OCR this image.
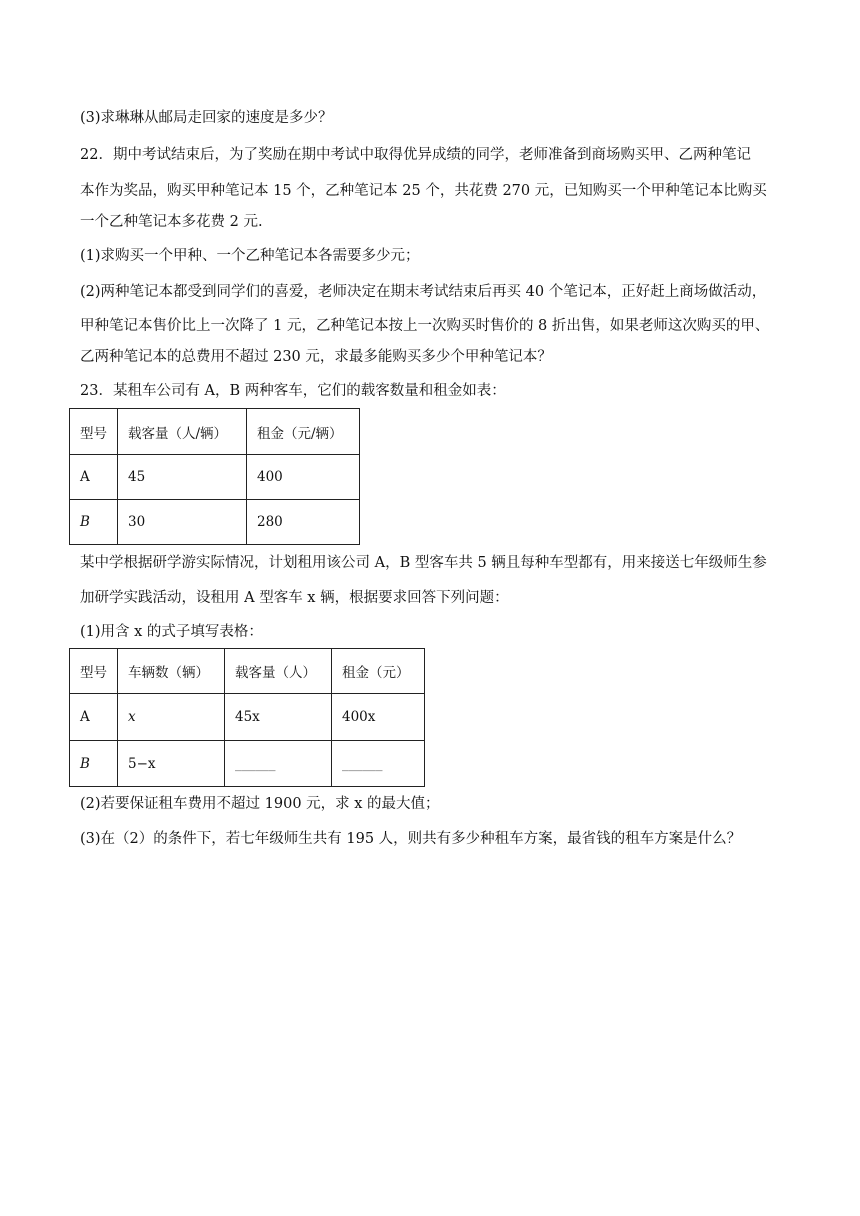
(3)求琳琳从邮局走回家的速度是多少？
22．期中考试结束后，为了奖励在期中考试中取得优异成绩的同学，老师准备到商场购买甲、乙两种笔记
本作为奖品，购买甲种笔记本 15 个，乙种笔记本 25 个，共花费 270 元，已知购买一个甲种笔记本比购买
一个乙种笔记本多花费 2 元.
(1)求购买一个甲种、一个乙种笔记本各需要多少元；
(2)两种笔记本都受到同学们的喜爱，老师决定在期末考试结束后再买 40 个笔记本，正好赶上商场做活动，
甲种笔记本售价比上一次降了 1 元，乙种笔记本按上一次购买时售价的 8 折出售，如果老师这次购买的甲、
乙两种笔记本的总费用不超过 230 元，求最多能购买多少个甲种笔记本？
23．某租车公司有 A，B 两种客车，它们的载客数量和租金如表：
型号	载客量（人/辆）	租金（元/辆）
A	45	400
B	30	280
某中学根据研学游实际情况，计划租用该公司 A，B 型客车共 5 辆且每种车型都有，用来接送七年级师生参
加研学实践活动，设租用 A 型客车 x 辆，根据要求回答下列问题：
(1)用含 x 的式子填写表格：
型号	车辆数（辆）	载客量（人）	租金（元）
A	x	45x	400x
B	5−x	______	______
(2)若要保证租车费用不超过 1900 元，求 x 的最大值；
(3)在（2）的条件下，若七年级师生共有 195 人，则共有多少种租车方案，最省钱的租车方案是什么？
